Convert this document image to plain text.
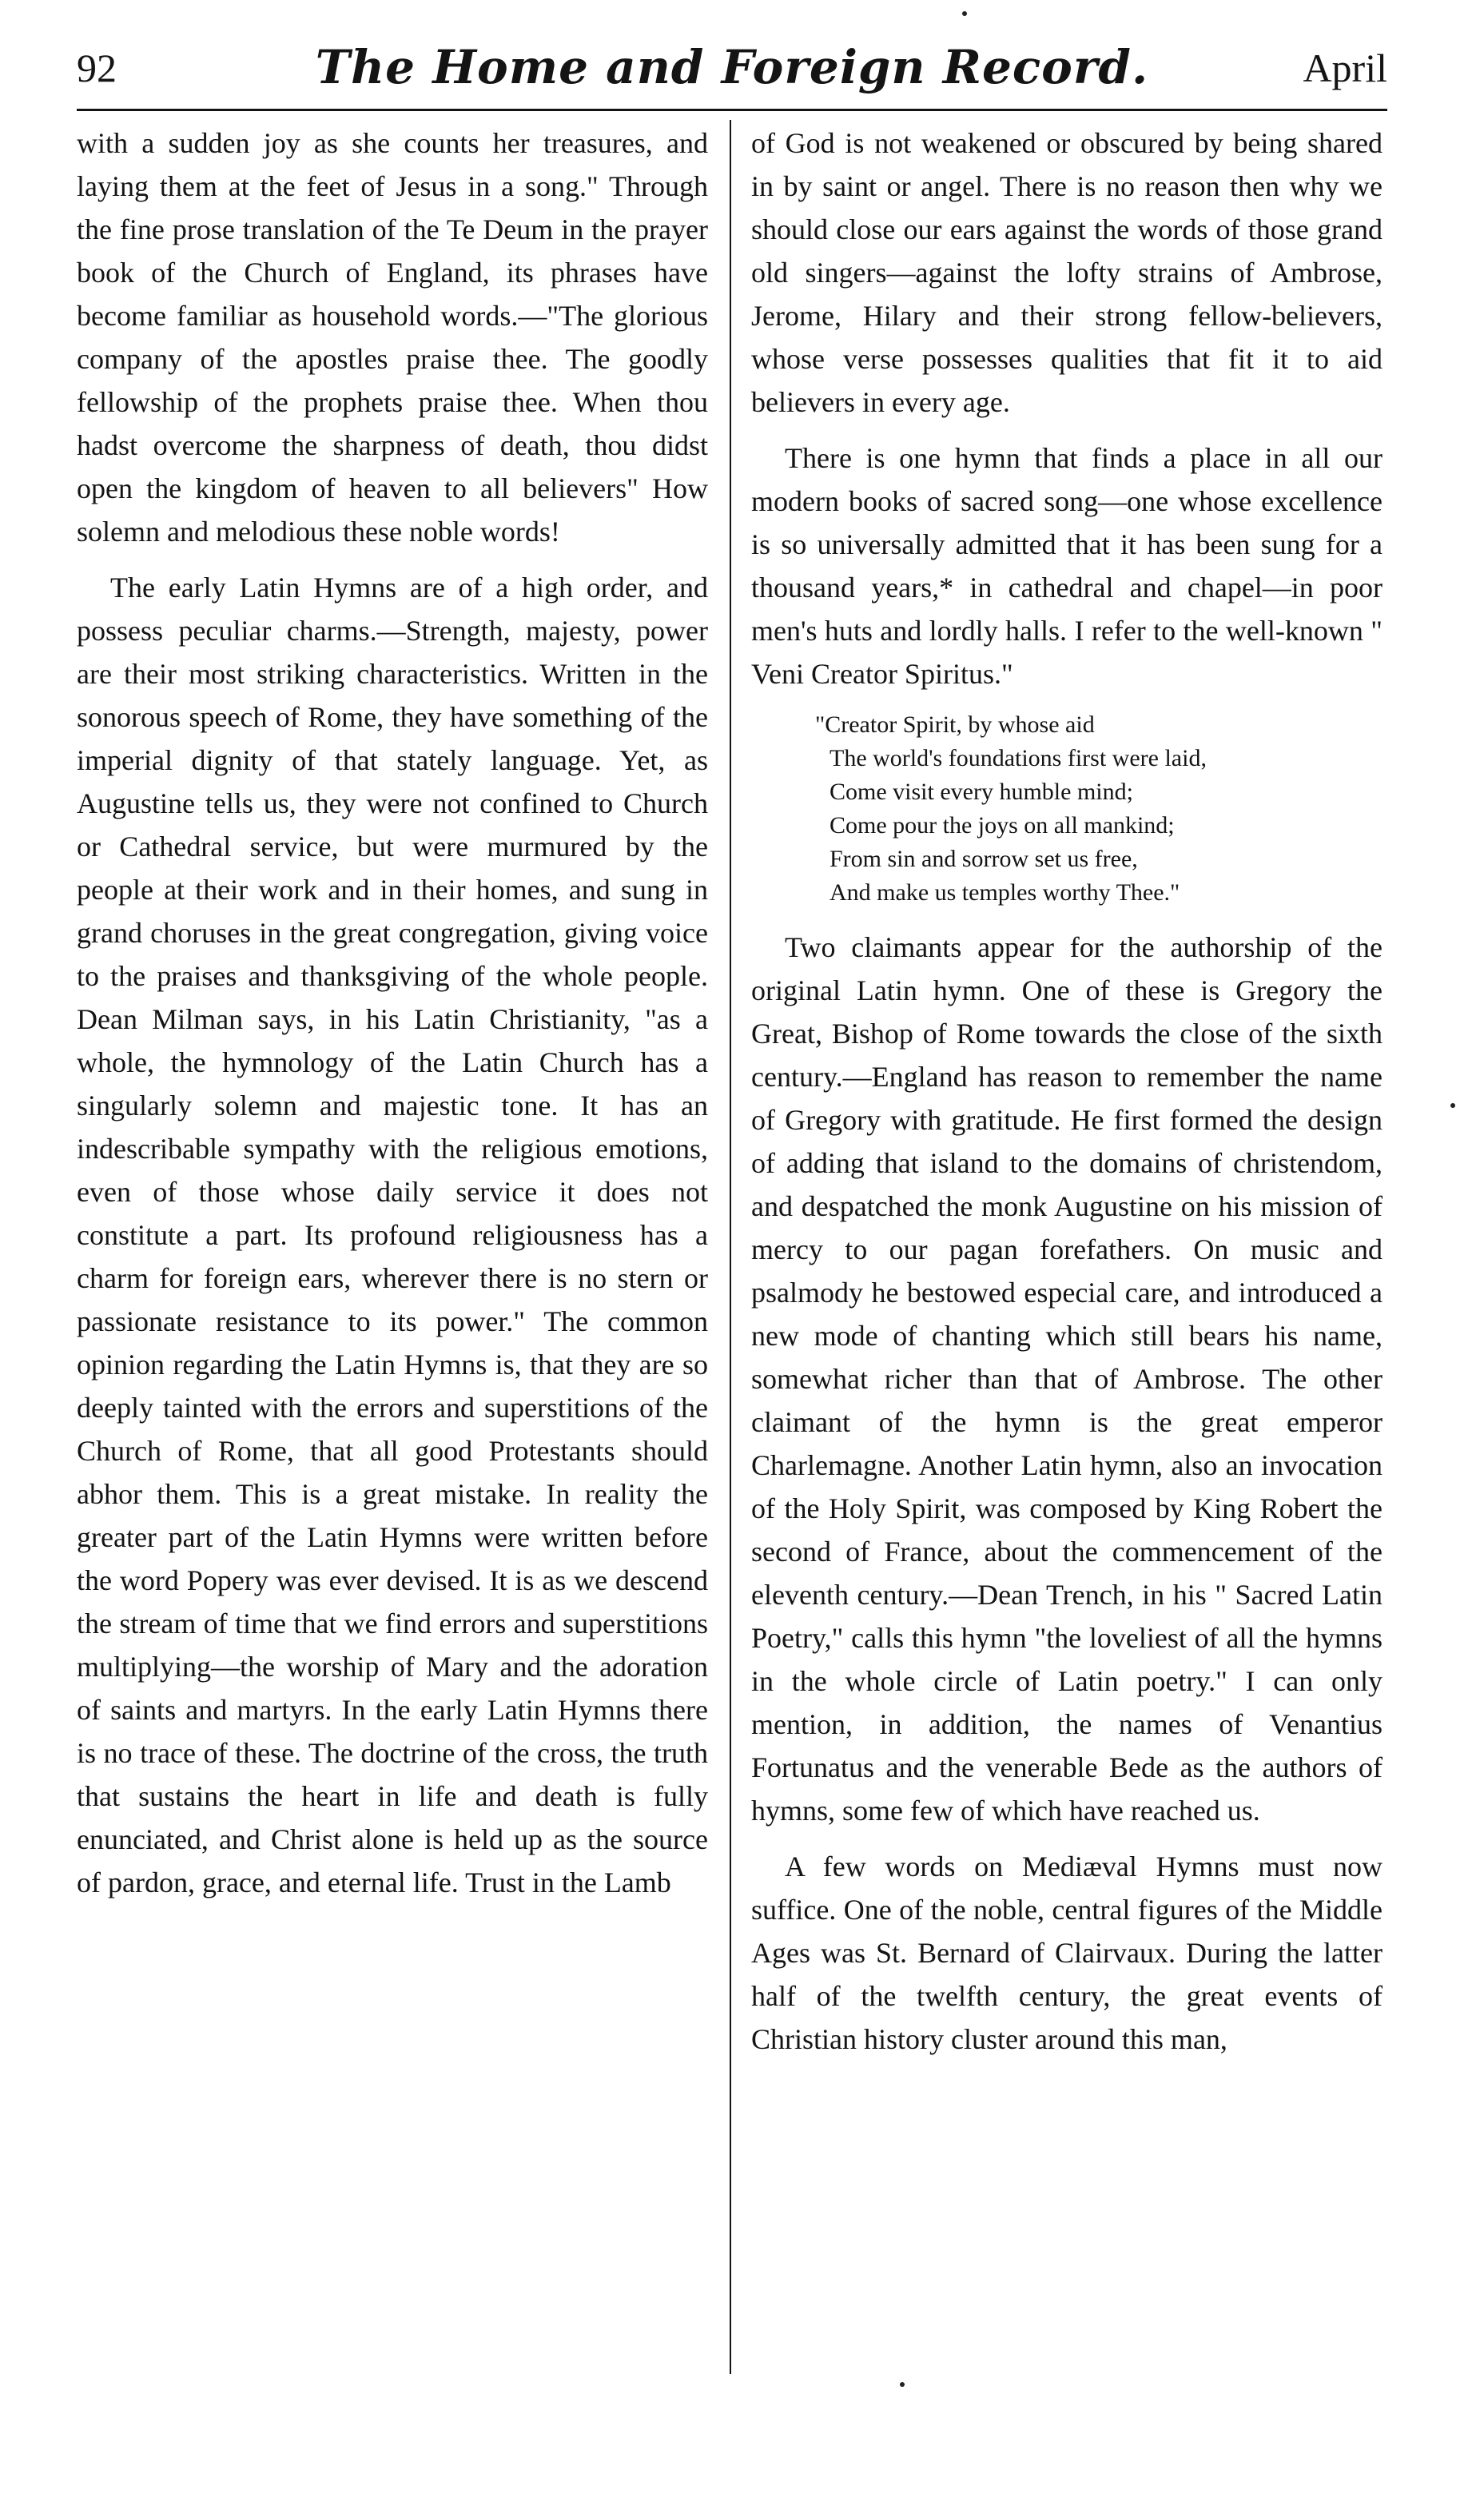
92	The Home and Foreign Record.	April

with a sudden joy as she counts her treasures, and laying them at the feet of Jesus in a song." Through the fine prose translation of the Te Deum in the prayer book of the Church of England, its phrases have become familiar as household words.—"The glorious company of the apostles praise thee. The goodly fellowship of the prophets praise thee. When thou hadst overcome the sharpness of death, thou didst open the kingdom of heaven to all believers" How solemn and melodious these noble words!

The early Latin Hymns are of a high order, and possess peculiar charms.—Strength, majesty, power are their most striking characteristics. Written in the sonorous speech of Rome, they have something of the imperial dignity of that stately language. Yet, as Augustine tells us, they were not confined to Church or Cathedral service, but were murmured by the people at their work and in their homes, and sung in grand choruses in the great congregation, giving voice to the praises and thanksgiving of the whole people. Dean Milman says, in his Latin Christianity, "as a whole, the hymnology of the Latin Church has a singularly solemn and majestic tone. It has an indescribable sympathy with the religious emotions, even of those whose daily service it does not constitute a part. Its profound religiousness has a charm for foreign ears, wherever there is no stern or passionate resistance to its power." The common opinion regarding the Latin Hymns is, that they are so deeply tainted with the errors and superstitions of the Church of Rome, that all good Protestants should abhor them. This is a great mistake. In reality the greater part of the Latin Hymns were written before the word Popery was ever devised. It is as we descend the stream of time that we find errors and superstitions multiplying—the worship of Mary and the adoration of saints and martyrs. In the early Latin Hymns there is no trace of these. The doctrine of the cross, the truth that sustains the heart in life and death is fully enunciated, and Christ alone is held up as the source of pardon, grace, and eternal life. Trust in the Lamb

of God is not weakened or obscured by being shared in by saint or angel. There is no reason then why we should close our ears against the words of those grand old singers—against the lofty strains of Ambrose, Jerome, Hilary and their strong fellow-believers, whose verse possesses qualities that fit it to aid believers in every age.

There is one hymn that finds a place in all our modern books of sacred song—one whose excellence is so universally admitted that it has been sung for a thousand years,* in cathedral and chapel—in poor men's huts and lordly halls. I refer to the well-known " Veni Creator Spiritus."

"Creator Spirit, by whose aid
The world's foundations first were laid,
Come visit every humble mind;
Come pour the joys on all mankind;
From sin and sorrow set us free,
And make us temples worthy Thee."

Two claimants appear for the authorship of the original Latin hymn. One of these is Gregory the Great, Bishop of Rome towards the close of the sixth century.—England has reason to remember the name of Gregory with gratitude. He first formed the design of adding that island to the domains of christendom, and despatched the monk Augustine on his mission of mercy to our pagan forefathers. On music and psalmody he bestowed especial care, and introduced a new mode of chanting which still bears his name, somewhat richer than that of Ambrose. The other claimant of the hymn is the great emperor Charlemagne. Another Latin hymn, also an invocation of the Holy Spirit, was composed by King Robert the second of France, about the commencement of the eleventh century.—Dean Trench, in his " Sacred Latin Poetry," calls this hymn "the loveliest of all the hymns in the whole circle of Latin poetry." I can only mention, in addition, the names of Venantius Fortunatus and the venerable Bede as the authors of hymns, some few of which have reached us.

A few words on Mediæval Hymns must now suffice. One of the noble, central figures of the Middle Ages was St. Bernard of Clairvaux. During the latter half of the twelfth century, the great events of Christian history cluster around this man,
